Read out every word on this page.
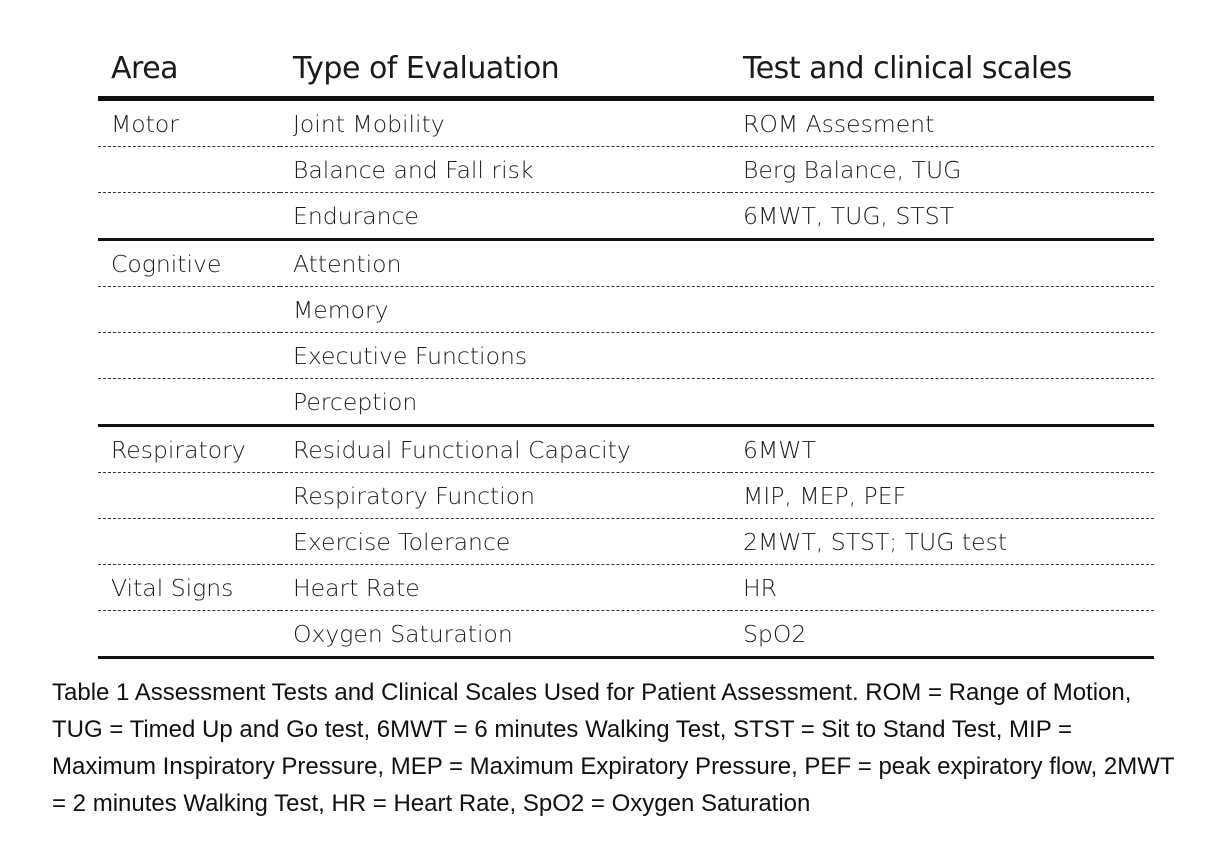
Area	Type of Evaluation	Test and clinical scales
Motor	Joint Mobility	ROM Assesment
	Balance and Fall risk	Berg Balance, TUG
	Endurance	6MWT, TUG, STST
Cognitive	Attention	
	Memory	
	Executive Functions	
	Perception	
Respiratory	Residual Functional Capacity	6MWT
	Respiratory Function	MIP, MEP, PEF
	Exercise Tolerance	2MWT, STST; TUG test
Vital Signs	Heart Rate	HR
	Oxygen Saturation	SpO2

Table 1 Assessment Tests and Clinical Scales Used for Patient Assessment. ROM = Range of Motion, TUG = Timed Up and Go test, 6MWT = 6 minutes Walking Test, STST = Sit to Stand Test, MIP = Maximum Inspiratory Pressure, MEP = Maximum Expiratory Pressure, PEF = peak expiratory flow, 2MWT = 2 minutes Walking Test, HR = Heart Rate, SpO2 = Oxygen Saturation
